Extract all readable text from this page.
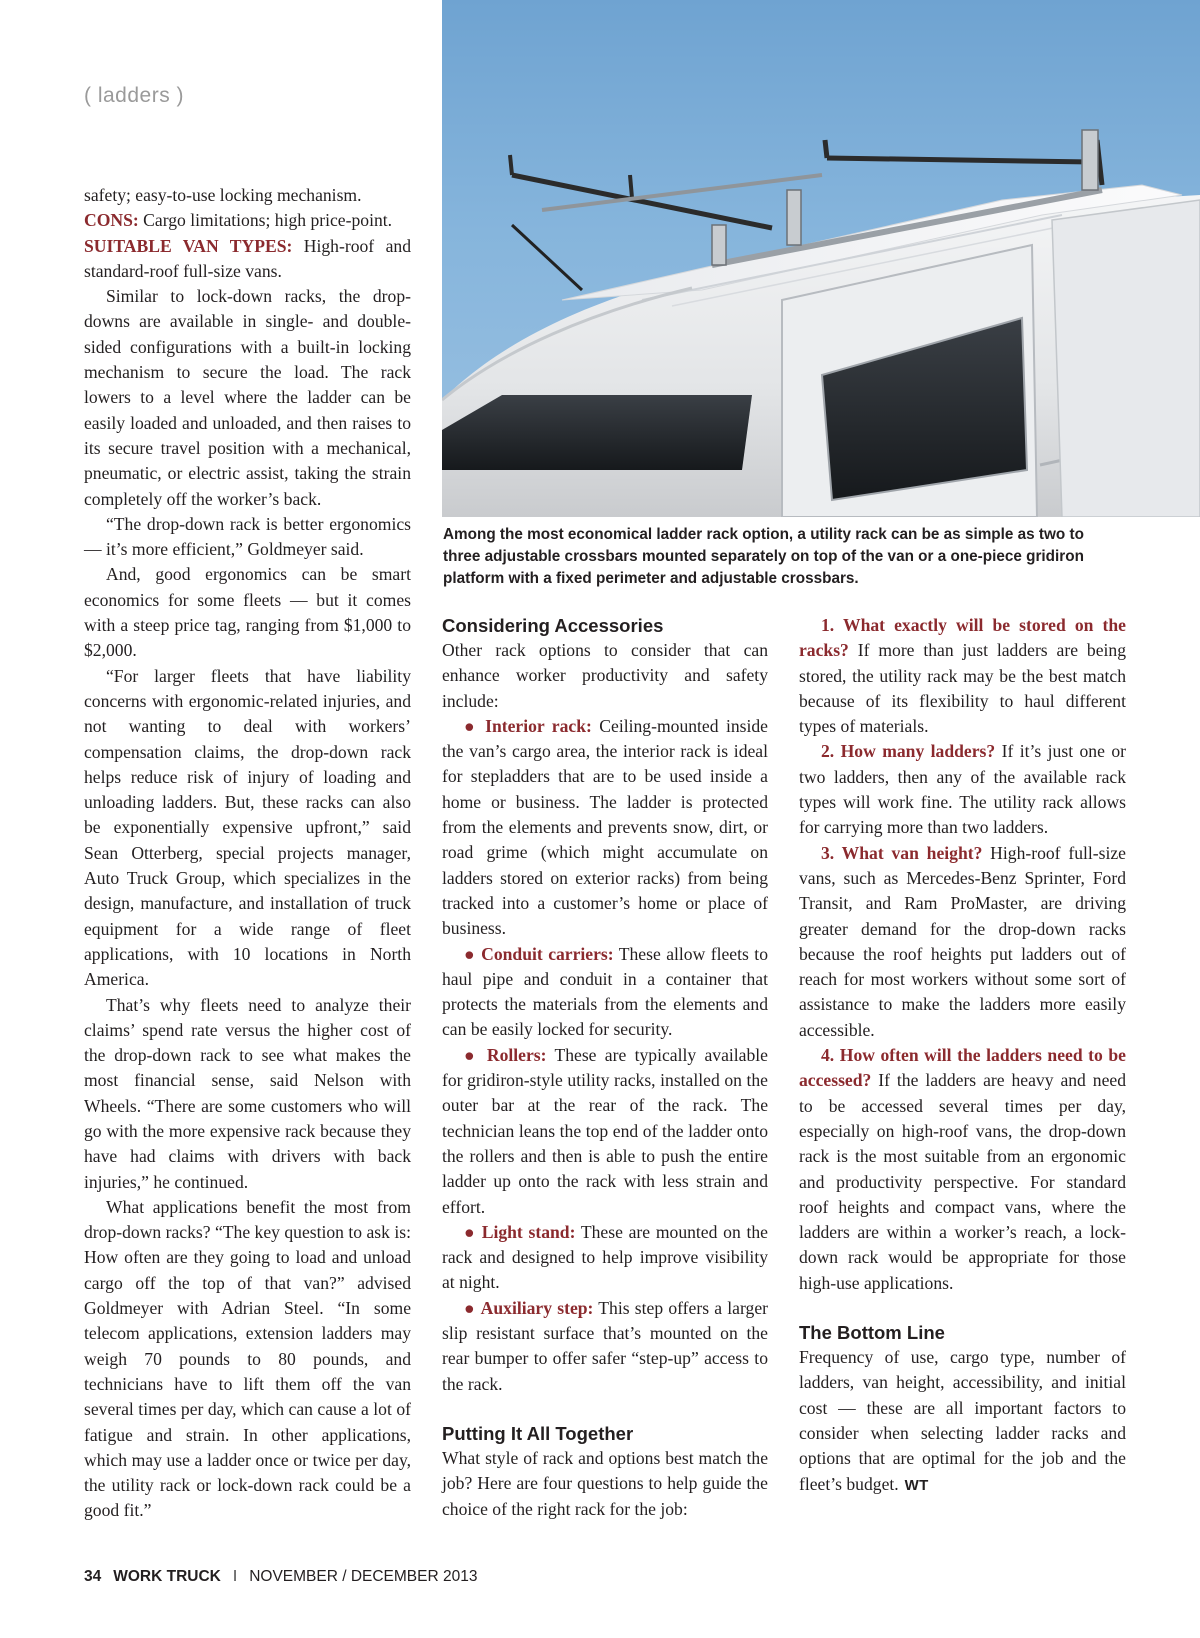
( ladders )
Among the most economical ladder rack option, a utility rack can be as simple as two to three adjustable crossbars mounted separately on top of the van or a one-piece gridiron platform with a fixed perimeter and adjustable crossbars.

safety; easy-to-use locking mechanism.

CONS: Cargo limitations; high price-point.

SUITABLE VAN TYPES: High-roof and standard-roof full-size vans.

Similar to lock-down racks, the drop-downs are available in single- and double-sided configurations with a built-in locking mechanism to secure the load. The rack lowers to a level where the ladder can be easily loaded and unloaded, and then raises to its secure travel position with a mechanical, pneumatic, or electric assist, taking the strain completely off the worker’s back.

“The drop-down rack is better ergonomics — it’s more efficient,” Goldmeyer said.

And, good ergonomics can be smart economics for some fleets — but it comes with a steep price tag, ranging from $1,000 to $2,000.

“For larger fleets that have liability concerns with ergonomic-related injuries, and not wanting to deal with workers’ compensation claims, the drop-down rack helps reduce risk of injury of loading and unloading ladders. But, these racks can also be exponentially expensive upfront,” said Sean Otterberg, special projects manager, Auto Truck Group, which specializes in the design, manufacture, and installation of truck equipment for a wide range of fleet applications, with 10 locations in North America.

That’s why fleets need to analyze their claims’ spend rate versus the higher cost of the drop-down rack to see what makes the most financial sense, said Nelson with Wheels. “There are some customers who will go with the more expensive rack because they have had claims with drivers with back injuries,” he continued.

What applications benefit the most from drop-down racks? “The key question to ask is: How often are they going to load and unload cargo off the top of that van?” advised Goldmeyer with Adrian Steel. “In some telecom applications, extension ladders may weigh 70 pounds to 80 pounds, and technicians have to lift them off the van several times per day, which can cause a lot of fatigue and strain. In other applications, which may use a ladder once or twice per day, the utility rack or lock-down rack could be a good fit.”

Considering Accessories

Other rack options to consider that can enhance worker productivity and safety include:

● Interior rack: Ceiling-mounted inside the van’s cargo area, the interior rack is ideal for stepladders that are to be used inside a home or business. The ladder is protected from the elements and prevents snow, dirt, or road grime (which might accumulate on ladders stored on exterior racks) from being tracked into a customer’s home or place of business.

● Conduit carriers: These allow fleets to haul pipe and conduit in a container that protects the materials from the elements and can be easily locked for security.

● Rollers: These are typically available for gridiron-style utility racks, installed on the outer bar at the rear of the rack. The technician leans the top end of the ladder onto the rollers and then is able to push the entire ladder up onto the rack with less strain and effort.

● Light stand: These are mounted on the rack and designed to help improve visibility at night.

● Auxiliary step: This step offers a larger slip resistant surface that’s mounted on the rear bumper to offer safer “step-up” access to the rack.

Putting It All Together

What style of rack and options best match the job? Here are four questions to help guide the choice of the right rack for the job:

1. What exactly will be stored on the racks? If more than just ladders are being stored, the utility rack may be the best match because of its flexibility to haul different types of materials.

2. How many ladders? If it’s just one or two ladders, then any of the available rack types will work fine. The utility rack allows for carrying more than two ladders.

3. What van height? High-roof full-size vans, such as Mercedes-Benz Sprinter, Ford Transit, and Ram ProMaster, are driving greater demand for the drop-down racks because the roof heights put ladders out of reach for most workers without some sort of assistance to make the ladders more easily accessible.

4. How often will the ladders need to be accessed? If the ladders are heavy and need to be accessed several times per day, especially on high-roof vans, the drop-down rack is the most suitable from an ergonomic and productivity perspective. For standard roof heights and compact vans, where the ladders are within a worker’s reach, a lock-down rack would be appropriate for those high-use applications.

The Bottom Line

Frequency of use, cargo type, number of ladders, van height, accessibility, and initial cost — these are all important factors to consider when selecting ladder racks and options that are optimal for the job and the fleet’s budget. WT

34 WORK TRUCK I NOVEMBER / DECEMBER 2013
